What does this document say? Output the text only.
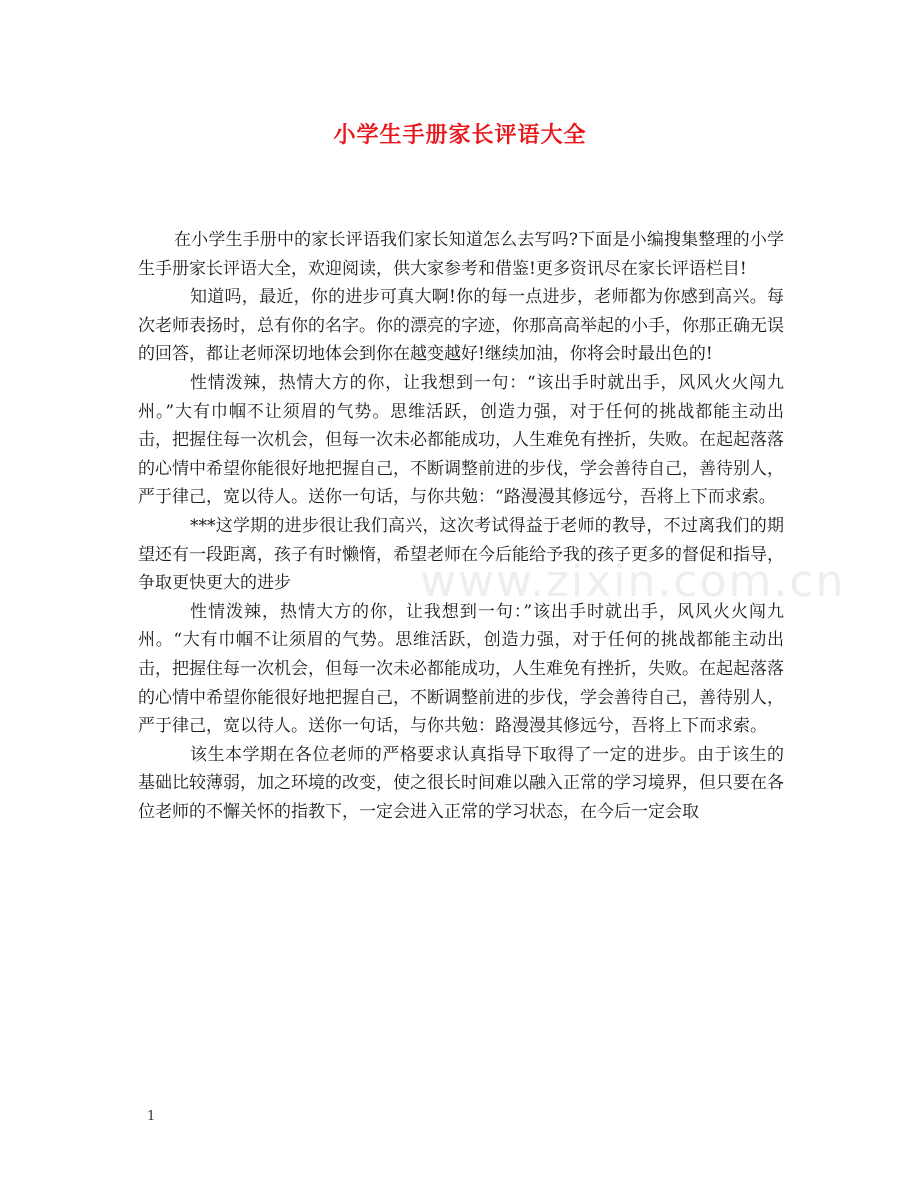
小学生手册家长评语大全
www.zixin.com.cn

在小学生手册中的家长评语我们家长知道怎么去写吗?下面是小编搜集整理的小学生手册家长评语大全，欢迎阅读，供大家参考和借鉴!更多资讯尽在家长评语栏目!

知道吗，最近，你的进步可真大啊!你的每一点进步，老师都为你感到高兴。每次老师表扬时，总有你的名字。你的漂亮的字迹，你那高高举起的小手，你那正确无误的回答，都让老师深切地体会到你在越变越好!继续加油，你将会时最出色的!

性情泼辣，热情大方的你，让我想到一句：“该出手时就出手，风风火火闯九州。”大有巾帼不让须眉的气势。思维活跃，创造力强，对于任何的挑战都能主动出击，把握住每一次机会，但每一次未必都能成功，人生难免有挫折，失败。在起起落落的心情中希望你能很好地把握自己，不断调整前进的步伐，学会善待自己，善待别人，严于律己，宽以待人。送你一句话，与你共勉：“路漫漫其修远兮，吾将上下而求索。

***这学期的进步很让我们高兴，这次考试得益于老师的教导，不过离我们的期望还有一段距离，孩子有时懒惰，希望老师在今后能给予我的孩子更多的督促和指导，争取更快更大的进步

性情泼辣，热情大方的你，让我想到一句：”该出手时就出手，风风火火闯九州。“大有巾帼不让须眉的气势。思维活跃，创造力强，对于任何的挑战都能主动出击，把握住每一次机会，但每一次未必都能成功，人生难免有挫折，失败。在起起落落的心情中希望你能很好地把握自己，不断调整前进的步伐，学会善待自己，善待别人，严于律己，宽以待人。送你一句话，与你共勉：路漫漫其修远兮，吾将上下而求索。

该生本学期在各位老师的严格要求认真指导下取得了一定的进步。由于该生的基础比较薄弱，加之环境的改变，使之很长时间难以融入正常的学习境界，但只要在各位老师的不懈关怀的指教下，一定会进入正常的学习状态，在今后一定会取

1
